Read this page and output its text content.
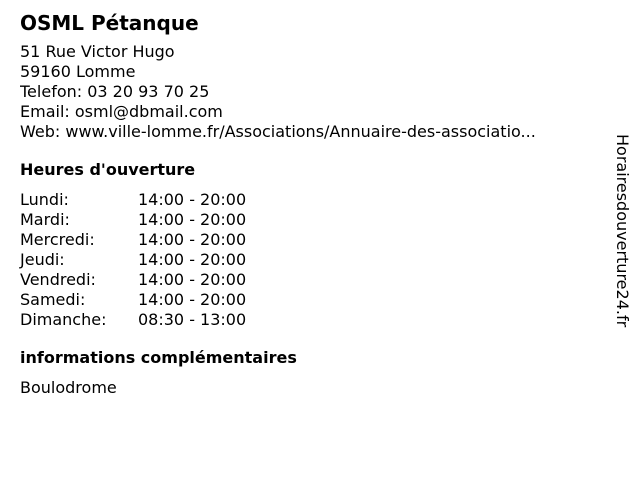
OSML Pétanque
51 Rue Victor Hugo
59160 Lomme
Telefon: 03 20 93 70 25
Email: osml@dbmail.com
Web: www.ville-lomme.fr/Associations/Annuaire-des-associatio...
Heures d'ouverture
Lundi:	14:00 - 20:00
Mardi:	14:00 - 20:00
Mercredi:	14:00 - 20:00
Jeudi:	14:00 - 20:00
Vendredi:	14:00 - 20:00
Samedi:	14:00 - 20:00
Dimanche:	08:30 - 13:00
informations complémentaires
Boulodrome
Horairesdouverture24.fr
